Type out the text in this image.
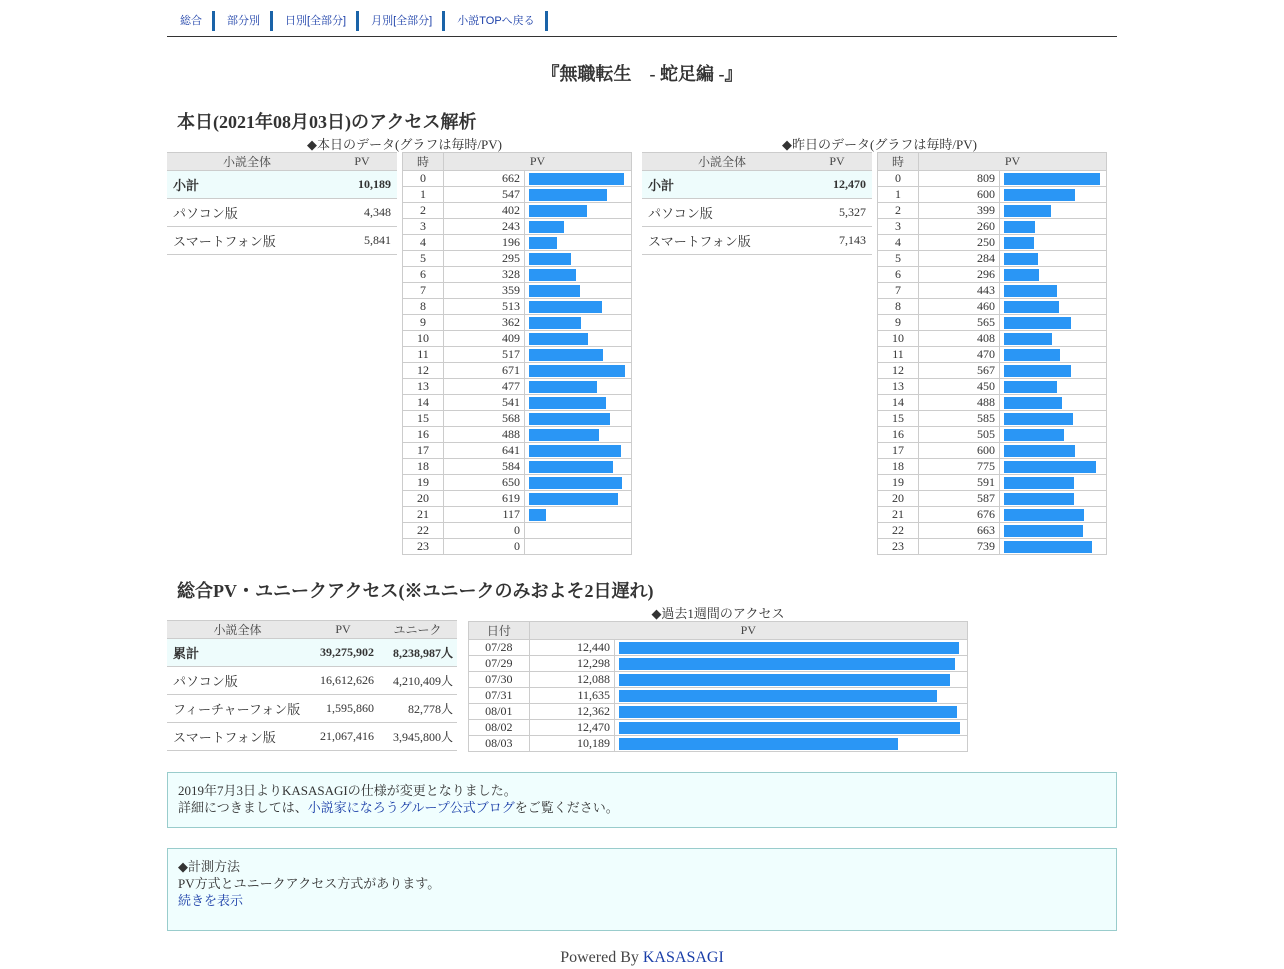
総合	部分別	日別[全部分]	月別[全部分]	小説TOPへ戻る
『無職転生　- 蛇足編 -』
本日(2021年08月03日)のアクセス解析
◆本日のデータ(グラフは毎時/PV)
小説全体	PV
小計	10,189
パソコン版	4,348
スマートフォン版	5,841
時	PV	
0	662	

1	547	

2	402	

3	243	

4	196	

5	295	

6	328	

7	359	

8	513	

9	362	

10	409	

11	517	

12	671	

13	477	

14	541	

15	568	

16	488	

17	641	

18	584	

19	650	

20	619	

21	117	

22	0	

23	0	
◆昨日のデータ(グラフは毎時/PV)
小説全体	PV
小計	12,470
パソコン版	5,327
スマートフォン版	7,143
時	PV	
0	809	

1	600	

2	399	

3	260	

4	250	

5	284	

6	296	

7	443	

8	460	

9	565	

10	408	

11	470	

12	567	

13	450	

14	488	

15	585	

16	505	

17	600	

18	775	

19	591	

20	587	

21	676	

22	663	

23	739	
総合PV・ユニークアクセス(※ユニークのみおよそ2日遅れ)
小説全体	PV	ユニーク
累計	39,275,902	8,238,987人
パソコン版	16,612,626	4,210,409人
フィーチャーフォン版	1,595,860	82,778人
スマートフォン版	21,067,416	3,945,800人
◆過去1週間のアクセス
日付	PV	
07/28	12,440	

07/29	12,298	

07/30	12,088	

07/31	11,635	

08/01	12,362	

08/02	12,470	

08/03	10,189	
2019年7月3日よりKASASAGIの仕様が変更となりました。
詳細につきましては、小説家になろうグループ公式ブログをご覧ください。
◆計測方法
PV方式とユニークアクセス方式があります。
続きを表示
Powered By KASASAGI
